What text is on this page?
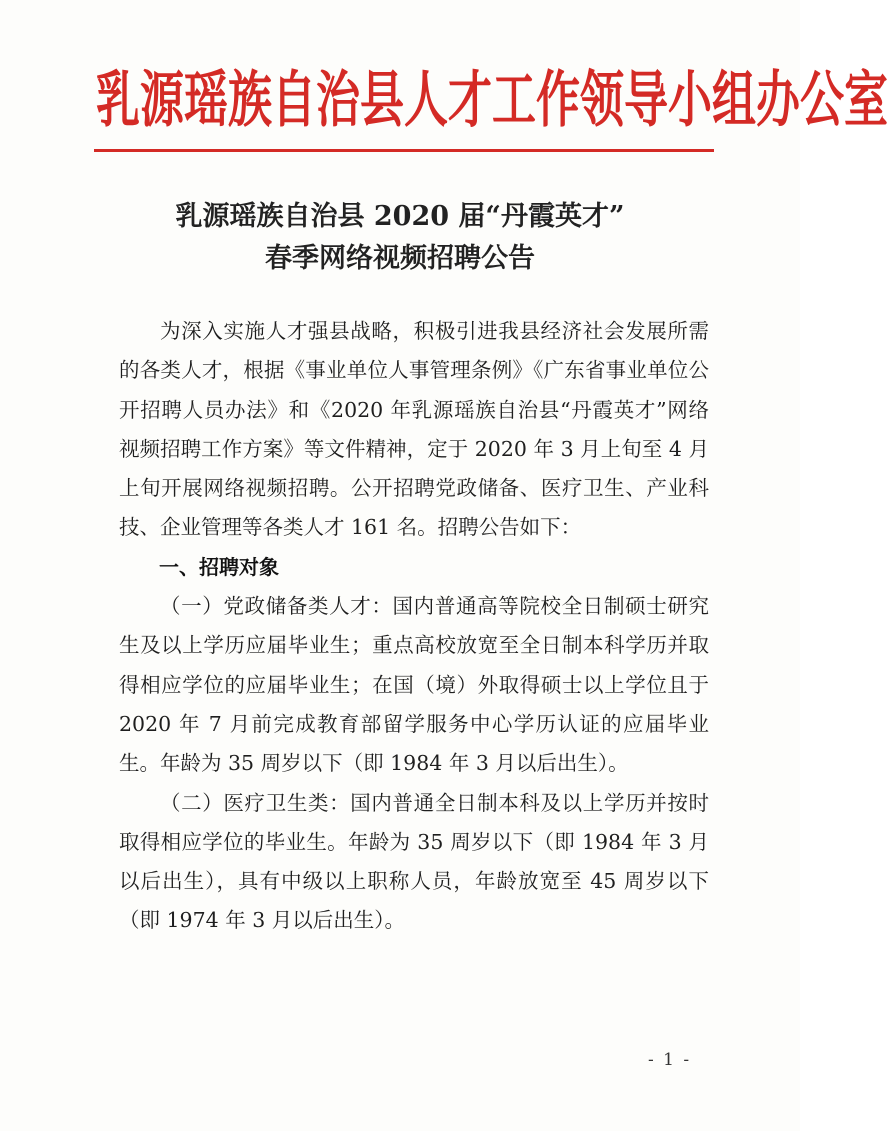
乳源瑶族自治县人才工作领导小组办公室
乳源瑶族自治县 2020 届“丹霞英才”
春季网络视频招聘公告

为深入实施人才强县战略，积极引进我县经济社会发展所需的各类人才，根据《事业单位人事管理条例》《广东省事业单位公开招聘人员办法》和《2020 年乳源瑶族自治县“丹霞英才”网络视频招聘工作方案》等文件精神，定于 2020 年 3 月上旬至 4 月上旬开展网络视频招聘。公开招聘党政储备、医疗卫生、产业科技、企业管理等各类人才 161 名。招聘公告如下：

一、招聘对象

（一）党政储备类人才：国内普通高等院校全日制硕士研究生及以上学历应届毕业生；重点高校放宽至全日制本科学历并取得相应学位的应届毕业生；在国（境）外取得硕士以上学位且于 2020 年 7 月前完成教育部留学服务中心学历认证的应届毕业生。年龄为 35 周岁以下（即 1984 年 3 月以后出生）。

（二）医疗卫生类：国内普通全日制本科及以上学历并按时取得相应学位的毕业生。年龄为 35 周岁以下（即 1984 年 3 月以后出生），具有中级以上职称人员，年龄放宽至 45 周岁以下（即 1974 年 3 月以后出生）。

- 1 -
